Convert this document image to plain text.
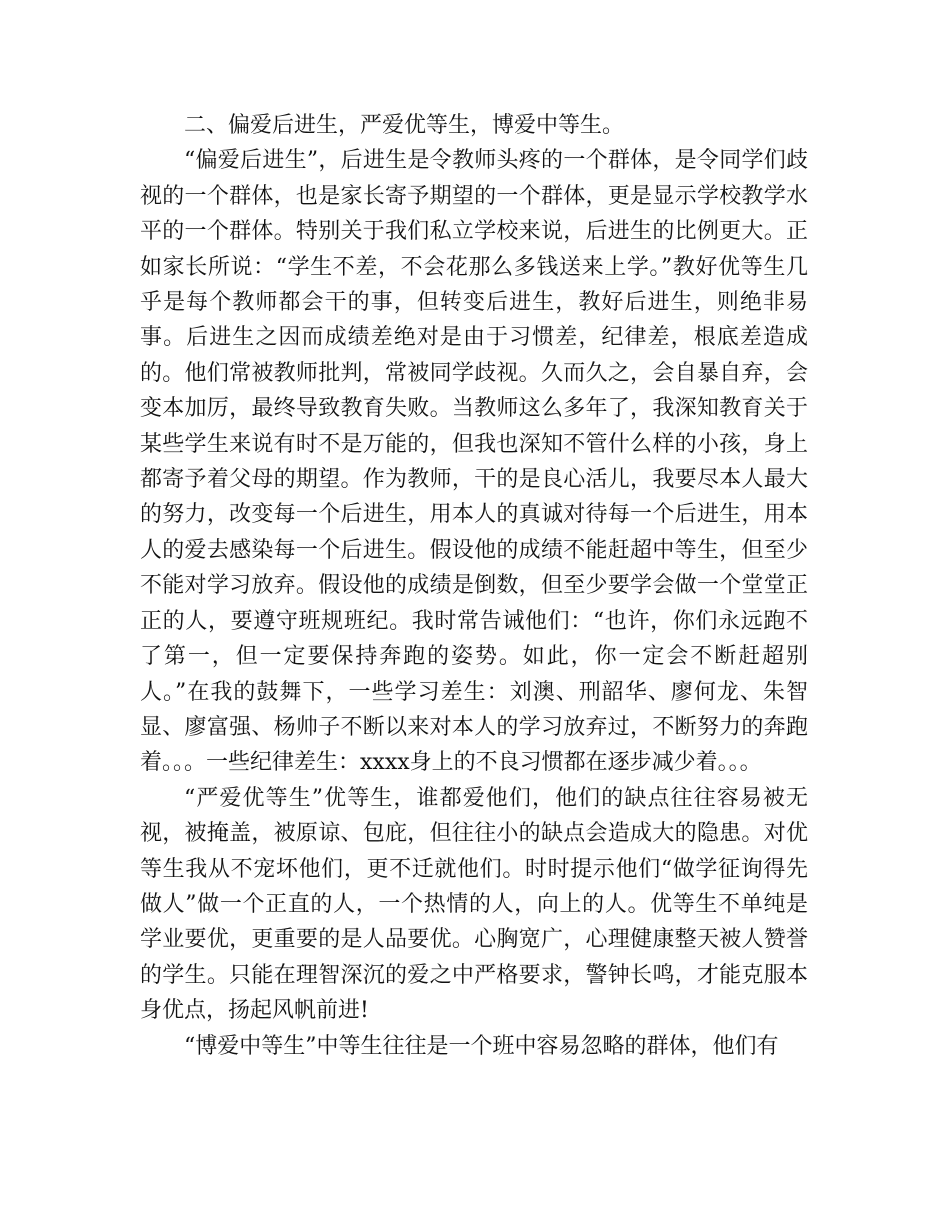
二、偏爱后进生，严爱优等生，博爱中等生。

“偏爱后进生”，后进生是令教师头疼的一个群体，是令同学们歧视的一个群体，也是家长寄予期望的一个群体，更是显示学校教学水平的一个群体。特别关于我们私立学校来说，后进生的比例更大。正如家长所说：“学生不差，不会花那么多钱送来上学。”教好优等生几乎是每个教师都会干的事，但转变后进生，教好后进生，则绝非易事。后进生之因而成绩差绝对是由于习惯差，纪律差，根底差造成的。他们常被教师批判，常被同学歧视。久而久之，会自暴自弃，会变本加厉，最终导致教育失败。当教师这么多年了，我深知教育关于某些学生来说有时不是万能的，但我也深知不管什么样的小孩，身上都寄予着父母的期望。作为教师，干的是良心活儿，我要尽本人最大的努力，改变每一个后进生，用本人的真诚对待每一个后进生，用本人的爱去感染每一个后进生。假设他的成绩不能赶超中等生，但至少不能对学习放弃。假设他的成绩是倒数，但至少要学会做一个堂堂正正的人，要遵守班规班纪。我时常告诫他们：“也许，你们永远跑不了第一，但一定要保持奔跑的姿势。如此，你一定会不断赶超别人。”在我的鼓舞下，一些学习差生：刘澳、刑韶华、廖何龙、朱智显、廖富强、杨帅子不断以来对本人的学习放弃过，不断努力的奔跑着。。。一些纪律差生：xxxx身上的不良习惯都在逐步减少着。。。

“严爱优等生”优等生，谁都爱他们，他们的缺点往往容易被无视，被掩盖，被原谅、包庇，但往往小的缺点会造成大的隐患。对优等生我从不宠坏他们，更不迁就他们。时时提示他们“做学征询得先做人”做一个正直的人，一个热情的人，向上的人。优等生不单纯是学业要优，更重要的是人品要优。心胸宽广，心理健康整天被人赞誉的学生。只能在理智深沉的爱之中严格要求，警钟长鸣，才能克服本身优点，扬起风帆前进!

“博爱中等生”中等生往往是一个班中容易忽略的群体，他们有
